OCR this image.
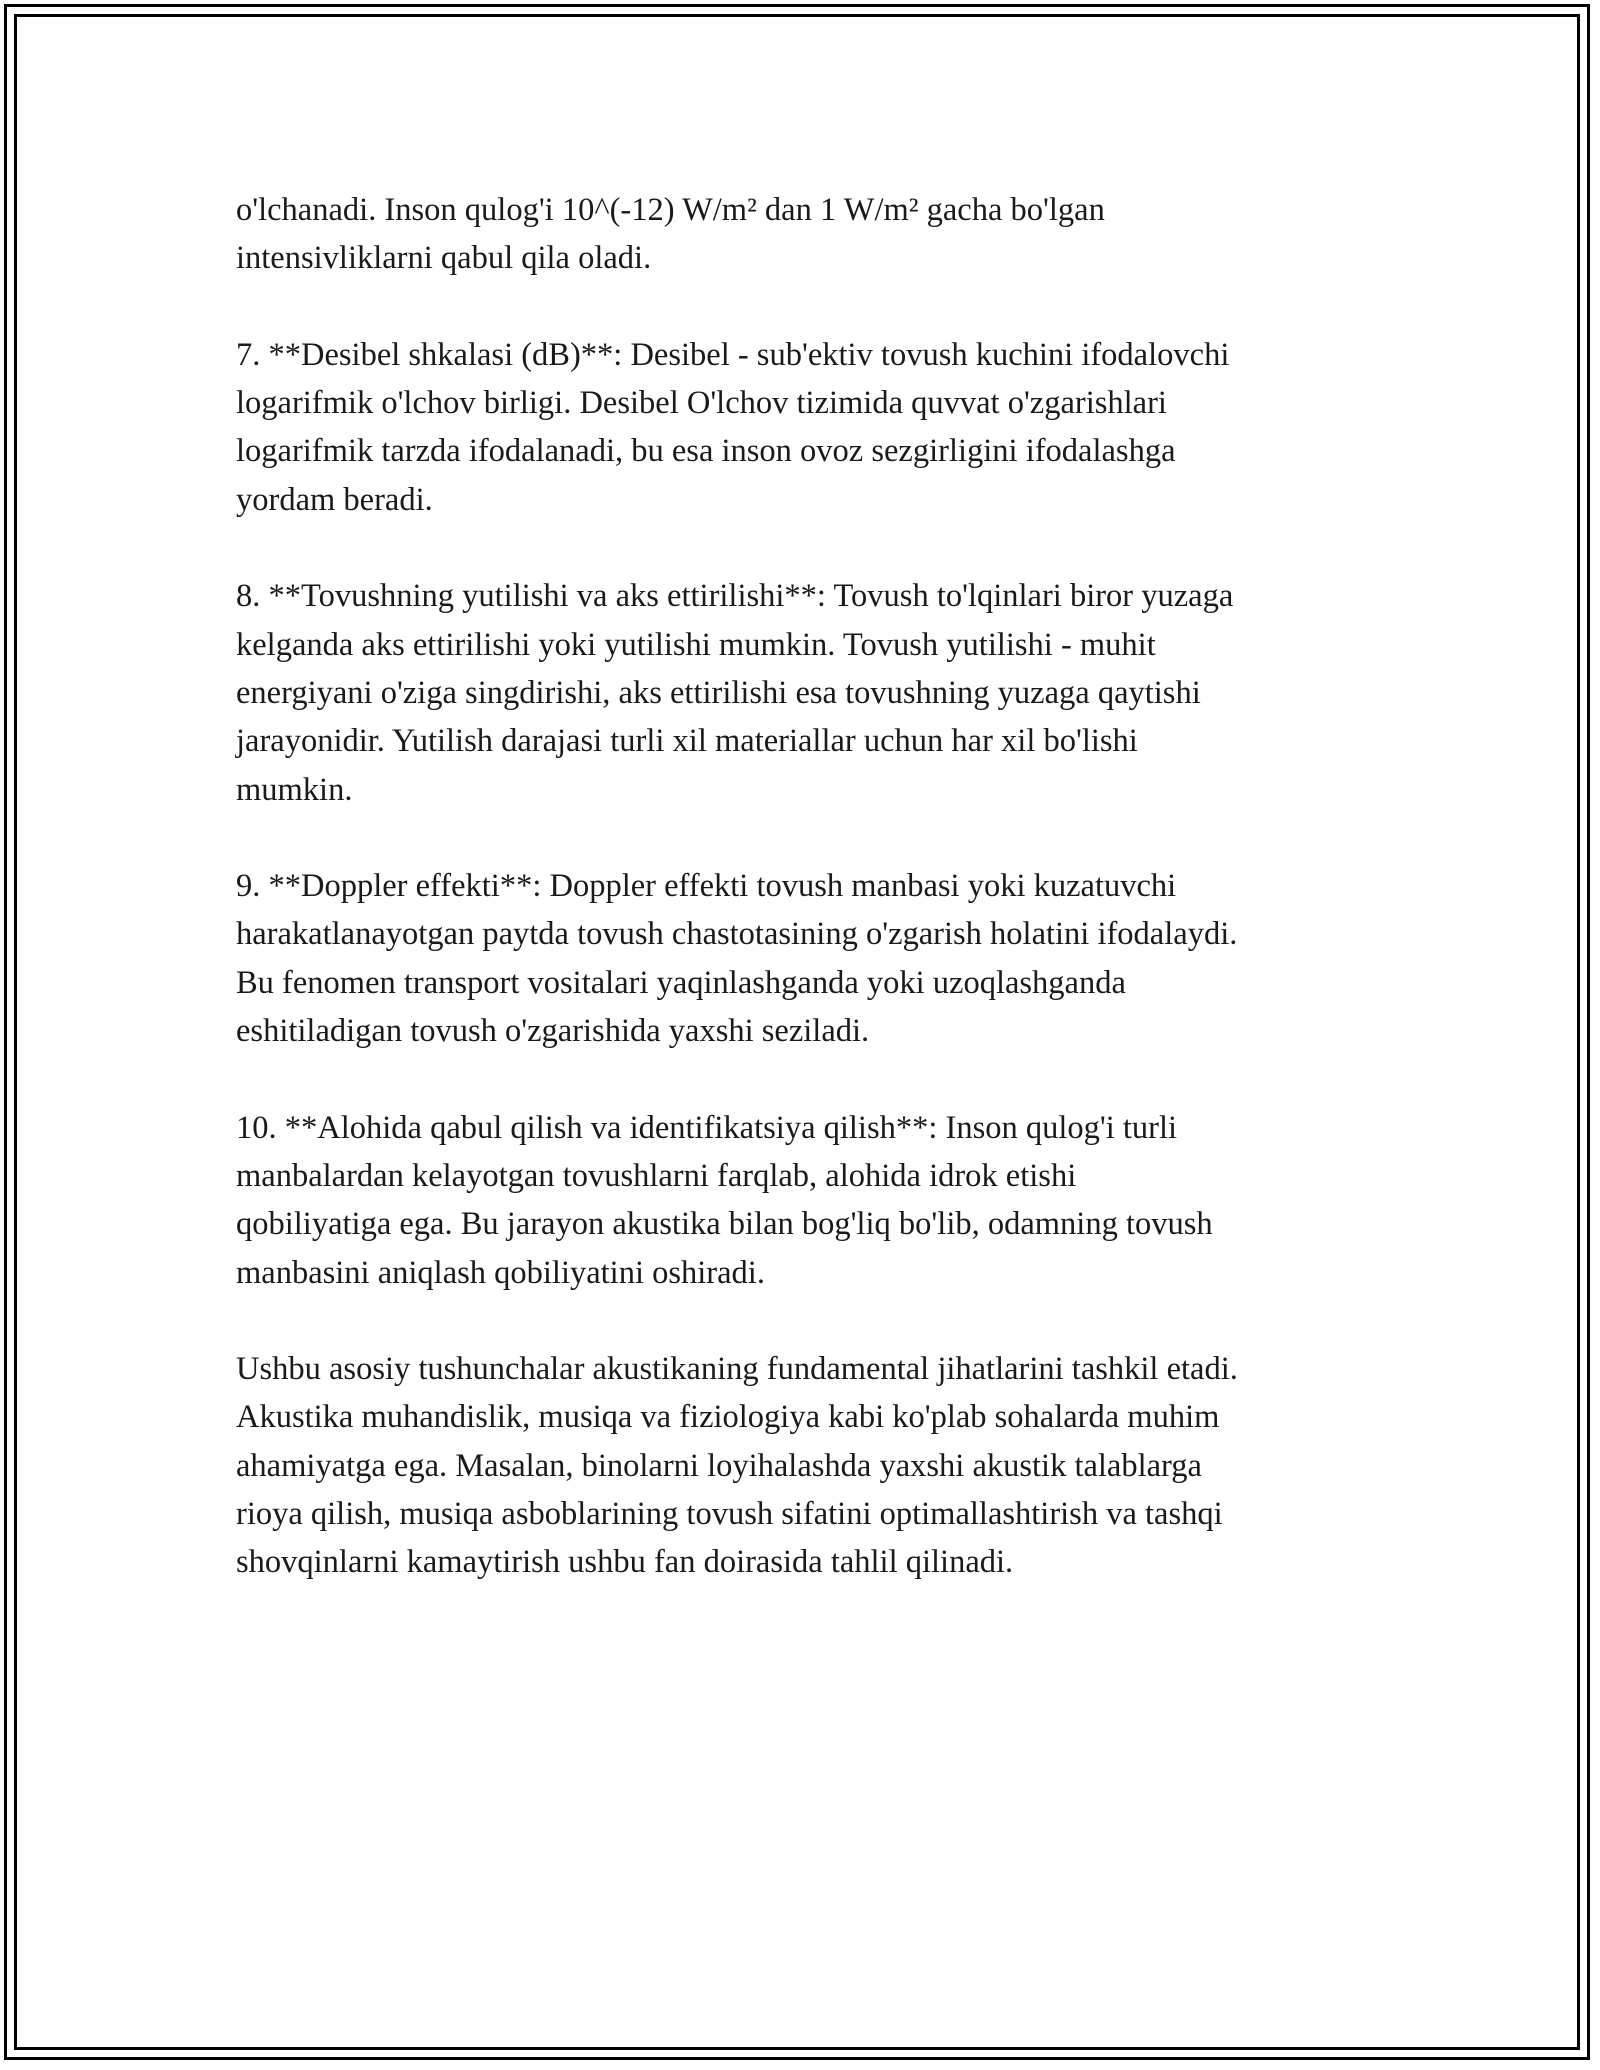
o'lchanadi. Inson qulog'i 10^(-12) W/m² dan 1 W/m² gacha bo'lgan
intensivliklarni qabul qila oladi.

7. **Desibel shkalasi (dB)**: Desibel - sub'ektiv tovush kuchini ifodalovchi
logarifmik o'lchov birligi. Desibel O'lchov tizimida quvvat o'zgarishlari
logarifmik tarzda ifodalanadi, bu esa inson ovoz sezgirligini ifodalashga
yordam beradi.

8. **Tovushning yutilishi va aks ettirilishi**: Tovush to'lqinlari biror yuzaga
kelganda aks ettirilishi yoki yutilishi mumkin. Tovush yutilishi - muhit
energiyani o'ziga singdirishi, aks ettirilishi esa tovushning yuzaga qaytishi
jarayonidir. Yutilish darajasi turli xil materiallar uchun har xil bo'lishi
mumkin.

9. **Doppler effekti**: Doppler effekti tovush manbasi yoki kuzatuvchi
harakatlanayotgan paytda tovush chastotasining o'zgarish holatini ifodalaydi.
Bu fenomen transport vositalari yaqinlashganda yoki uzoqlashganda
eshitiladigan tovush o'zgarishida yaxshi seziladi.

10. **Alohida qabul qilish va identifikatsiya qilish**: Inson qulog'i turli
manbalardan kelayotgan tovushlarni farqlab, alohida idrok etishi
qobiliyatiga ega. Bu jarayon akustika bilan bog'liq bo'lib, odamning tovush
manbasini aniqlash qobiliyatini oshiradi.

Ushbu asosiy tushunchalar akustikaning fundamental jihatlarini tashkil etadi.
Akustika muhandislik, musiqa va fiziologiya kabi ko'plab sohalarda muhim
ahamiyatga ega. Masalan, binolarni loyihalashda yaxshi akustik talablarga
rioya qilish, musiqa asboblarining tovush sifatini optimallashtirish va tashqi
shovqinlarni kamaytirish ushbu fan doirasida tahlil qilinadi.
